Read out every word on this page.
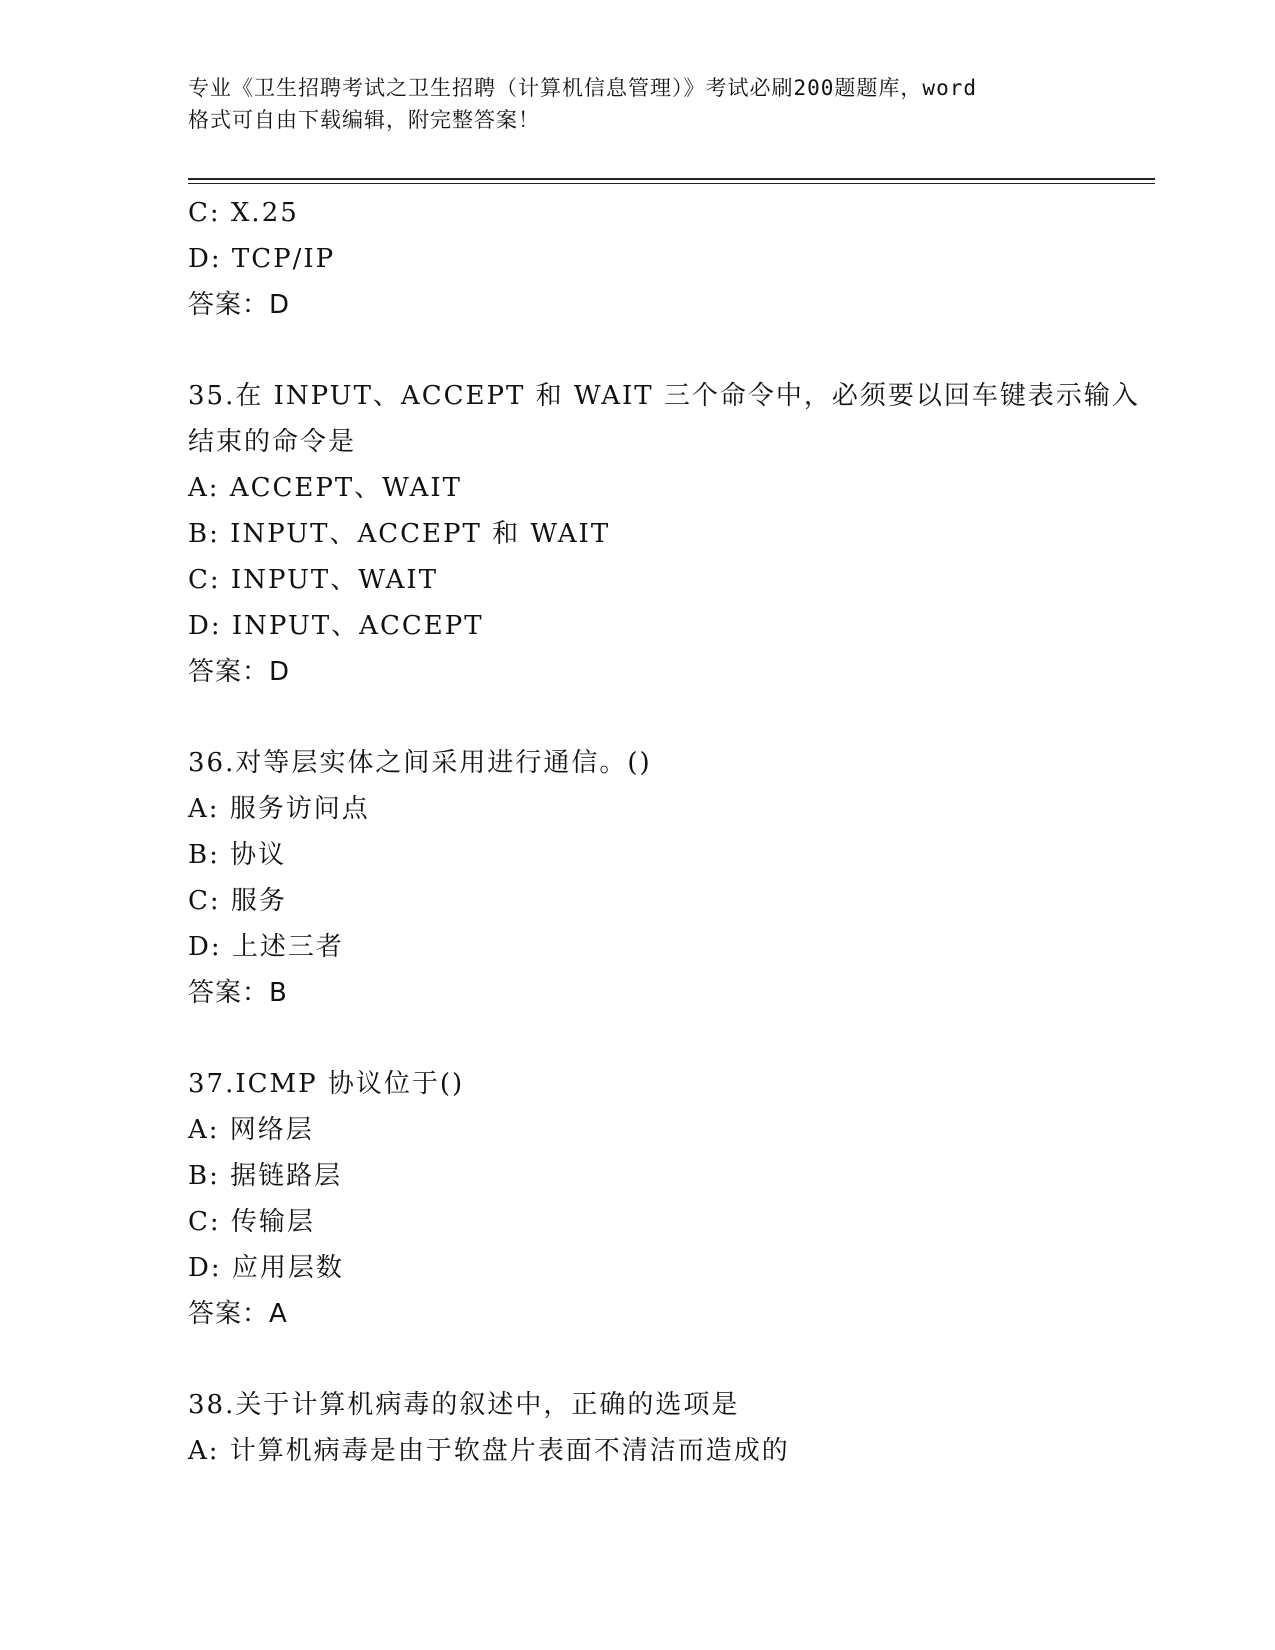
专业《卫生招聘考试之卫生招聘（计算机信息管理）》考试必刷200题题库，word
格式可自由下载编辑，附完整答案！
C: X.25
D: TCP/IP
答案：D
35.在 INPUT、ACCEPT 和 WAIT 三个命令中，必须要以回车键表示输入
结束的命令是
A: ACCEPT、WAIT
B: INPUT、ACCEPT 和 WAIT
C: INPUT、WAIT
D: INPUT、ACCEPT
答案：D
36.对等层实体之间采用进行通信。()
A: 服务访问点
B: 协议
C: 服务
D: 上述三者
答案：B
37.ICMP 协议位于()
A: 网络层
B: 据链路层
C: 传输层
D: 应用层数
答案：A
38.关于计算机病毒的叙述中，正确的选项是
A: 计算机病毒是由于软盘片表面不清洁而造成的
